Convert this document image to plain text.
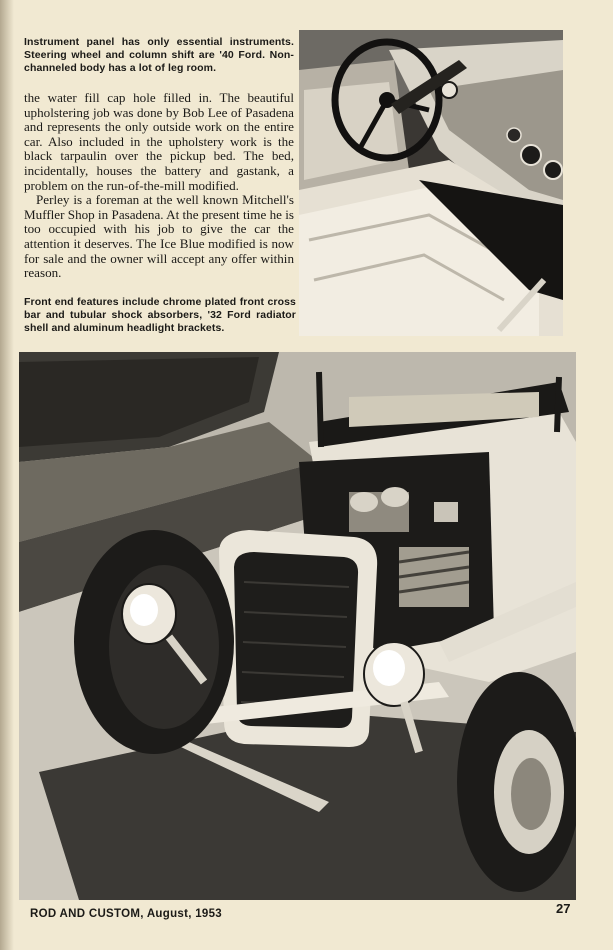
Instrument panel has only essential instruments. Steering wheel and column shift are '40 Ford. Non-channeled body has a lot of leg room.

the water fill cap hole filled in. The beautiful upholstering job was done by Bob Lee of Pasadena and represents the only outside work on the entire car. Also included in the upholstery work is the black tarpaulin over the pickup bed. The bed, incidentally, houses the battery and gastank, a problem on the run-of-the-mill modified.

Perley is a foreman at the well known Mitchell's Muffler Shop in Pasadena. At the present time he is too occupied with his job to give the car the attention it deserves. The Ice Blue modified is now for sale and the owner will accept any offer within reason.

Front end features include chrome plated front cross bar and tubular shock absorbers, '32 Ford radiator shell and aluminum headlight brackets.
ROD AND CUSTOM, August, 1953	27
